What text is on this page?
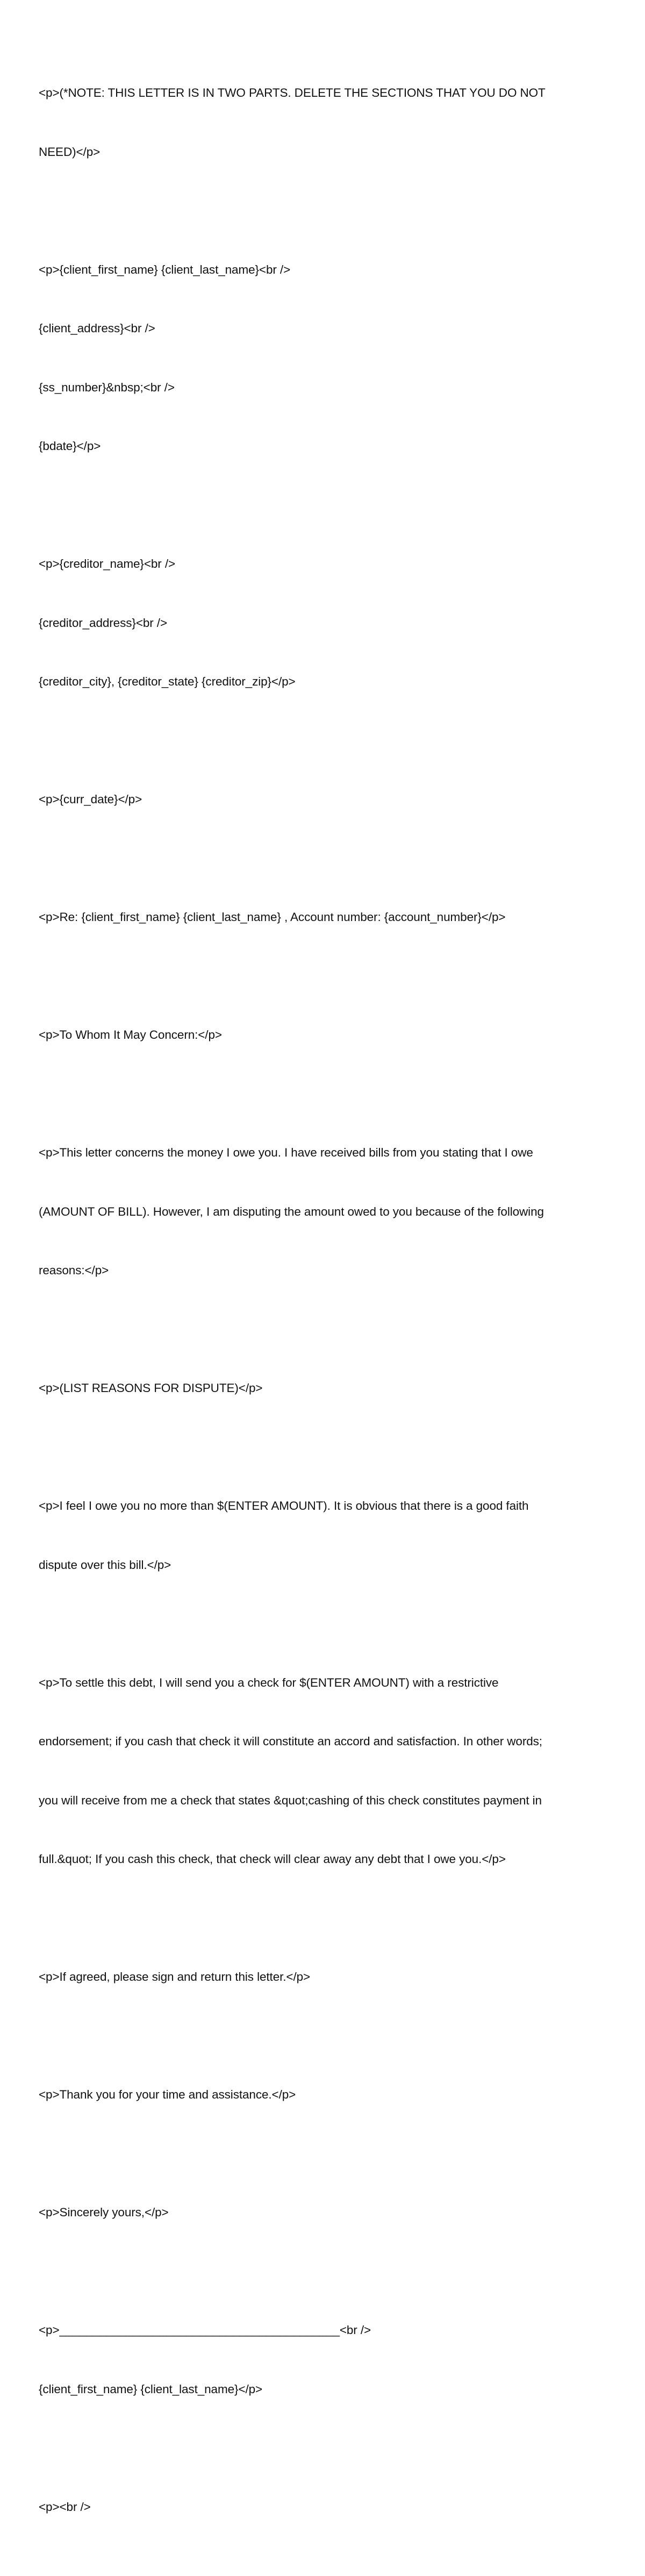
<p>(*NOTE: THIS LETTER IS IN TWO PARTS. DELETE THE SECTIONS THAT YOU DO NOT

NEED)</p>

<p>{client_first_name} {client_last_name}<br />

{client_address}<br />

{ss_number}&nbsp;<br />

{bdate}</p>

<p>{creditor_name}<br />

{creditor_address}<br />

{creditor_city}, {creditor_state} {creditor_zip}</p>

<p>{curr_date}</p>

<p>Re: {client_first_name} {client_last_name} , Account number: {account_number}</p>

<p>To Whom It May Concern:</p>

<p>This letter concerns the money I owe you. I have received bills from you stating that I owe

(AMOUNT OF BILL). However, I am disputing the amount owed to you because of the following

reasons:</p>

<p>(LIST REASONS FOR DISPUTE)</p>

<p>I feel I owe you no more than $(ENTER AMOUNT). It is obvious that there is a good faith

dispute over this bill.</p>

<p>To settle this debt, I will send you a check for $(ENTER AMOUNT) with a restrictive

endorsement; if you cash that check it will constitute an accord and satisfaction. In other words;

you will receive from me a check that states &quot;cashing of this check constitutes payment in

full.&quot; If you cash this check, that check will clear away any debt that I owe you.</p>

<p>If agreed, please sign and return this letter.</p>

<p>Thank you for your time and assistance.</p>

<p>Sincerely yours,</p>

<p>__________________________________________<br />

{client_first_name} {client_last_name}</p>

<p><br />
